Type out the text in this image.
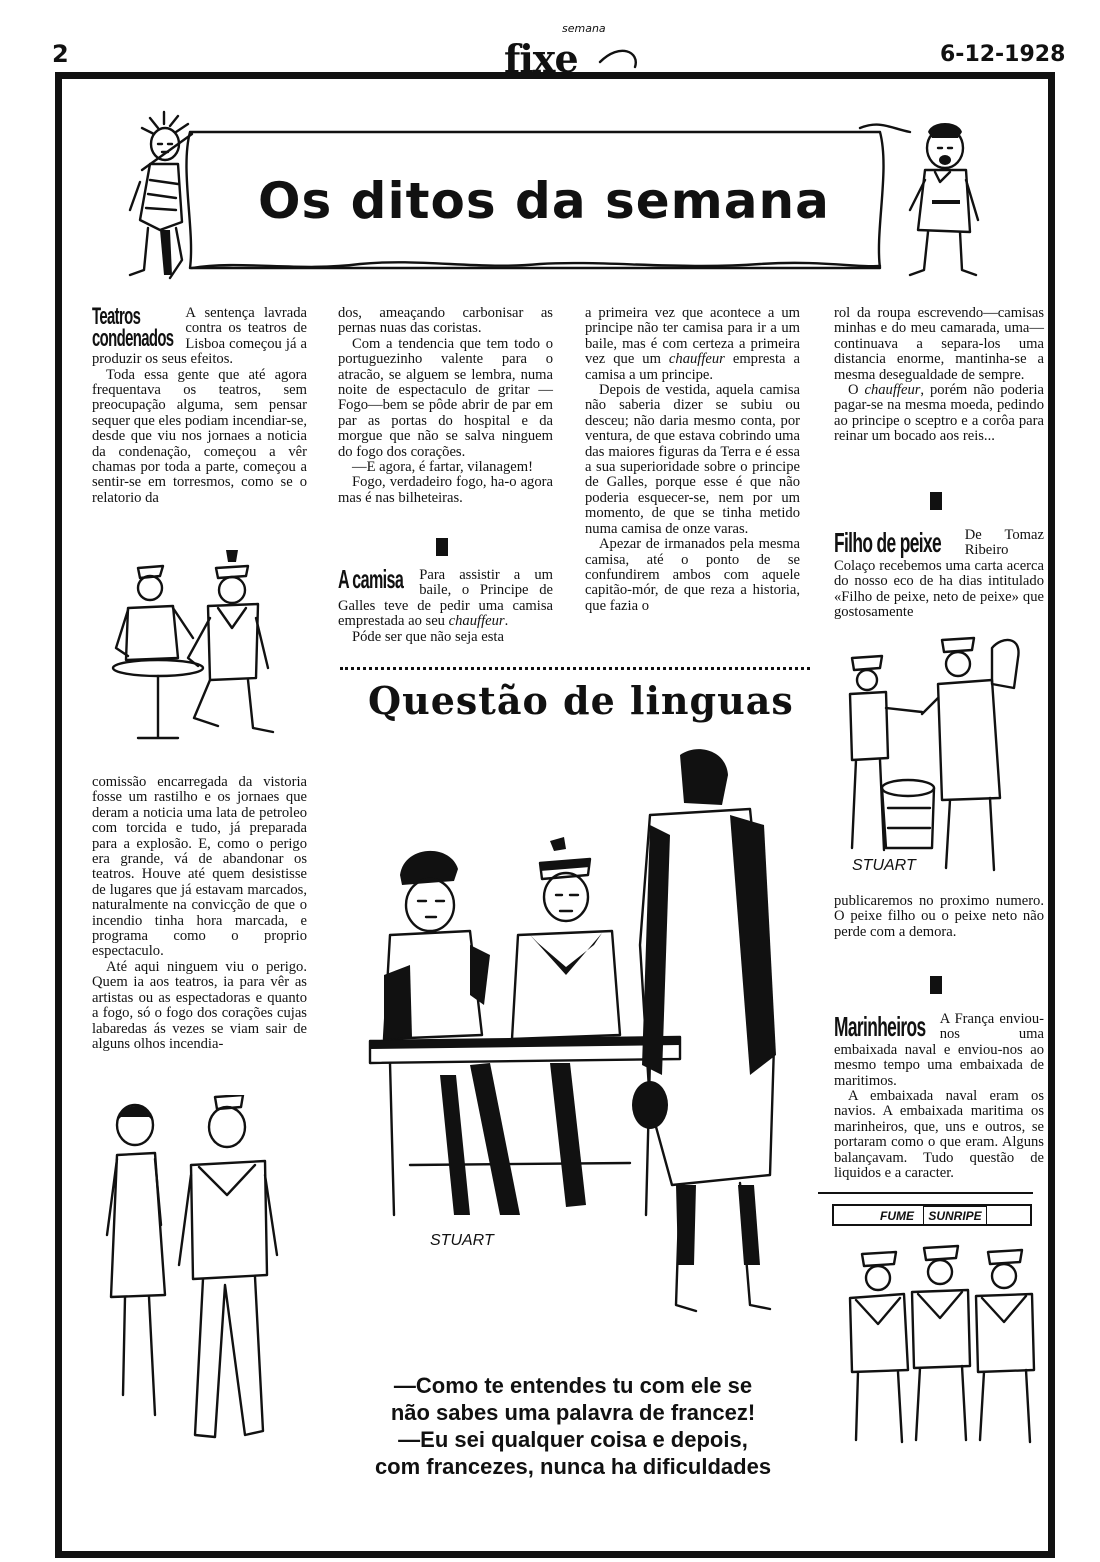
2
semana
fixe	6-12-1928
Os ditos da semana
Teatros
condenados

A sentença lavrada contra os teatros de Lisboa começou já a produzir os seus efeitos.

Toda essa gente que até agora frequentava os teatros, sem preocupação alguma, sem pensar sequer que eles podiam incendiar-se, desde que viu nos jornaes a noticia da condenação, começou a vêr chamas por toda a parte, começou a sentir-se em torresmos, como se o relatorio da

comissão encarregada da vistoria fosse um rastilho e os jornaes que deram a noticia uma lata de petroleo com torcida e tudo, já preparada para a explosão. E, como o perigo era grande, vá de abandonar os teatros. Houve até quem desistisse de lugares que já estavam marcados, naturalmente na convicção de que o incendio tinha hora marcada, e programa como o proprio espectaculo.

Até aqui ninguem viu o perigo. Quem ia aos teatros, ia para vêr as artistas ou as espectadoras e quanto a fogo, só o fogo dos corações cujas labaredas ás vezes se viam sair de alguns olhos incendia-

dos, ameaçando carbonisar as pernas nuas das coristas.

Com a tendencia que tem todo o portuguezinho valente para o atracão, se alguem se lembra, numa noite de espectaculo de gritar —Fogo—bem se pôde abrir de par em par as portas do hospital e da morgue que não se salva ninguem do fogo dos corações.

—E agora, é fartar, vilanagem!

Fogo, verdadeiro fogo, ha-o agora mas é nas bilheteiras.

A camisa	Para assistir a um baile, o Principe de Galles teve de pedir uma camisa emprestada ao seu chauffeur.

Póde ser que não seja esta

a primeira vez que acontece a um principe não ter camisa para ir a um baile, mas é com certeza a primeira vez que um chauffeur empresta a camisa a um principe.

Depois de vestida, aquela camisa não saberia dizer se subiu ou desceu; não daria mesmo conta, por ventura, de que estava cobrindo uma das maiores figuras da Terra e é essa a sua superioridade sobre o principe de Galles, porque esse é que não poderia esquecer-se, nem por um momento, de que se tinha metido numa camisa de onze varas.

Apezar de irmanados pela mesma camisa, até o ponto de se confundirem ambos com aquele capitão-mór, de que reza a historia, que fazia o

rol da roupa escrevendo—camisas minhas e do meu camarada, uma—continuava a separa-los uma distancia enorme, mantinha-se a mesma desegualdade de sempre.

O chauffeur, porém não poderia pagar-se na mesma moeda, pedindo ao principe o sceptro e a corôa para reinar um bocado aos reis...

Filho de peixe	De Tomaz Ribeiro Colaço recebemos uma carta acerca do nosso eco de ha dias intitulado «Filho de peixe, neto de peixe» que gostosamente

STUART

publicaremos no proximo numero. O peixe filho ou o peixe neto não perde com a demora.

Marinheiros A França enviou-nos uma embaixada naval e enviou-nos ao mesmo tempo uma embaixada de maritimos.

A embaixada naval eram os navios. A embaixada maritima os marinheiros, que, uns e outros, se portaram como o que eram. Alguns balançavam. Tudo questão de liquidos e a caracter.

FUME SUNRIPE
Questão de linguas
STUART
—Como te entendes tu com ele se
não sabes uma palavra de francez!
—Eu sei qualquer coisa e depois,
com francezes, nunca ha dificuldades
